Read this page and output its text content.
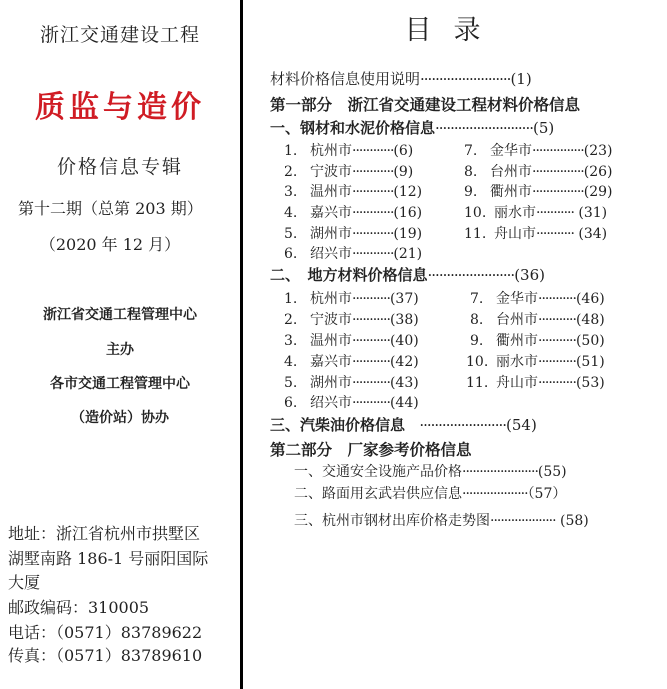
浙江交通建设工程
质监与造价
价格信息专辑
第十二期（总第 203 期）
（2020 年 12 月）
浙江省交通工程管理中心
主办
各市交通工程管理中心
（造价站）协办
地址：浙江省杭州市拱墅区
湖墅南路 186-1 号丽阳国际
大厦
邮政编码：310005
电话：（0571）83789622
传真：（0571）83789610
目录
材料价格信息使用说明························(1)
第一部分　浙江省交通建设工程材料价格信息
一、钢材和水泥价格信息··························(5)
1. 杭州市············(6)
2. 宁波市············(9)
3. 温州市············(12)
4. 嘉兴市············(16)
5. 湖州市············(19)
6. 绍兴市············(21)
7. 金华市···············(23)
8. 台州市···············(26)
9. 衢州市···············(29)
10. 丽水市··········· (31)
11. 舟山市··········· (34)
二、　地方材料价格信息·······················(36)
1. 杭州市···········(37)
2. 宁波市···········(38)
3. 温州市···········(40)
4. 嘉兴市···········(42)
5. 湖州市···········(43)
6. 绍兴市···········(44)
7. 金华市···········(46)
8. 台州市···········(48)
9. 衢州市···········(50)
10. 丽水市···········(51)
11. 舟山市···········(53)
三、汽柴油价格信息 ·······················(54)
第二部分　厂家参考价格信息
一、交通安全设施产品价格······················(55)
二、路面用玄武岩供应信息···················（57）
三、杭州市钢材出库价格走势图··················· (58)
